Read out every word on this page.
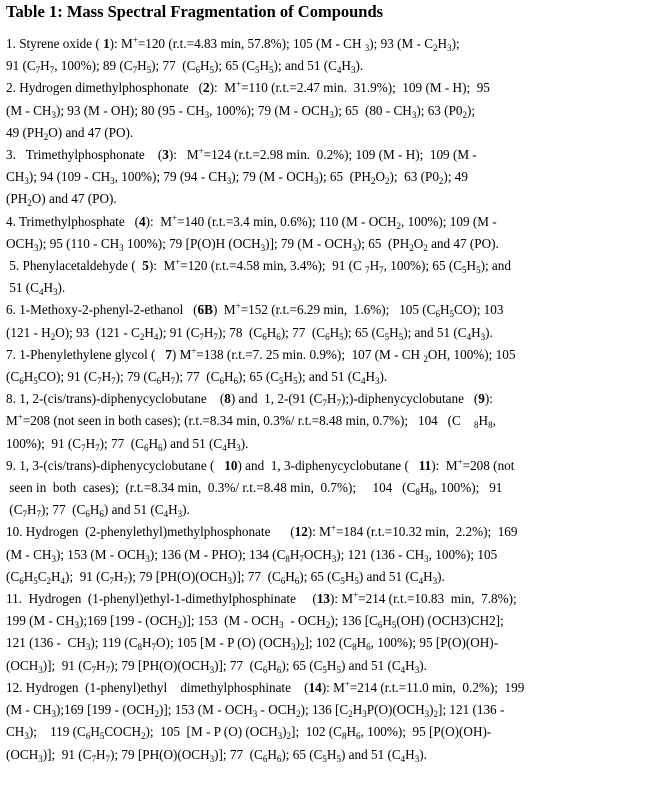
Table 1: Mass Spectral Fragmentation of Compounds

1. Styrene oxide ( 1): M+=120 (r.t.=4.83 min, 57.8%); 105 (M - CH $_3$); 93 $(M - C_2H_3)$;
91 ($C_7H_7$, 100%); 89 $(C_7H_5)$; 77  $(C_6H_5)$; 65 $(C_5H_5)$; and 51 $(C_4H_3)$.

2. Hydrogen dimethylphosphonate   (2):  M+=110 (r.t.=2.47 min.  31.9%);  109 (M - H);  95
$(M - CH_3)$; 93 (M - OH); 80 ($95 - CH_3$, 100%); 79 $(M - OCH_3)$; 65  $(80 - CH_3)$; 63 $(P0_2)$;
49 $(PH_2O)$ and 47 (PO).

3.   Trimethylphosphonate    (3):   M+=124 (r.t.=2.98 min.  0.2%); 109 (M - H);  109 (M -
$CH_3$); 94 ($109 - CH_3$, 100%); 79 $(94 - CH_3)$; 79 $(M - OCH_3)$; 65  $(PH_2O_2)$;  63 $(P0_2)$; 49
$(PH_2O)$ and 47 (PO).

4. Trimethylphosphate   (4):  M+=140 (r.t.=3.4 min, 0.6%); 110 ($M - OCH_2$, 100%); 109 (M -
$OCH_3$); 95 ($110 - CH_3$ 100%); 79 [P(O)H $(OCH_3)$]; 79 $(M - OCH_3)$; 65  ($PH_2O_2$ and 47 (PO).

5. Phenylacetaldehyde (  5):  M+=120 (r.t.=4.58 min, 3.4%);  91 (C $_7H_7$, 100%); 65 $(C_5H_5)$; and
51 $(C_4H_3)$.

6. 1-Methoxy-2-phenyl-2-ethanol   (6B)  M+=152 (r.t.=6.29 min,  1.6%);   105 $(C_6H_5CO)$; 103
$(121 - H_2O)$; 93  $(121 - C_2H_4)$; 91 $(C_7H_7)$; 78  $(C_6H_6)$; 77  $(C_6H_5)$; 65 $(C_5H_5)$; and 51 $(C_4H_3)$.

7. 1-Phenylethylene glycol (   7) M+=138 (r.t.=7. 25 min. 0.9%);  107 (M - CH $_2$OH, 100%); 105
$(C_6H_5CO)$; 91 $(C_7H_7)$; 79 $(C_6H_7)$; 77  $(C_6H_6)$; 65 $(C_5H_5)$; and 51 $(C_4H_3)$.

8. 1, 2-(cis/trans)-diphenycyclobutane    (8) and  1, 2-(91 $(C_7H_7)$;)-diphenycyclobutane   (9):
M+=208 (not seen in both cases); (r.t.=8.34 min, 0.3%/ r.t.=8.48 min, 0.7%);   104   (C    $_8H_8$,
100%);  91 $(C_7H_7)$; 77  $(C_6H_6)$ and 51 $(C_4H_3)$.

9. 1, 3-(cis/trans)-diphenycyclobutane (   10) and  1, 3-diphenycyclobutane (   11):  M+=208 (not
seen in  both  cases);  (r.t.=8.34 min,  0.3%/ r.t.=8.48 min,  0.7%);     104   ($C_8H_8$, 100%);   91
$(C_7H_7)$; 77  $(C_6H_6)$ and 51 $(C_4H_3)$.

10. Hydrogen  (2-phenylethyl)methylphosphonate      (12): M+=184 (r.t.=10.32 min,  2.2%);  169
$(M - CH_3)$; 153 $(M - OCH_3)$; 136 (M - PHO); 134 $(C_8H_7OCH_3)$; 121 ($136 - CH_3$, 100%); 105
$(C_6H_5C_2H_4)$;  91 $(C_7H_7)$; 79 $[PH(O)(OCH_3)]$; 77  $(C_6H_6)$; 65 $(C_5H_5)$ and 51 $(C_4H_3)$.

11.  Hydrogen  (1-phenyl)ethyl-1-dimethylphosphinate     (13): M+=214 (r.t.=10.83  min,  7.8%);
199 $(M - CH_3);169$ $[199 - (OCH_2)]$; 153  $(M - OCH_3 - OCH_2)$; 136 [$C_6H_5(OH)$ (OCH3)CH2];
121 $(136 - CH_3)$; 119 $(C_8H_7O)$; 105 [M - P (O) $(OCH_3)_2$]; 102 ($C_8H_6$, 100%); 95 [P(O)(OH)-
$(OCH_3)$];  91 $(C_7H_7)$; 79 $[PH(O)(OCH_3)]$; 77  $(C_6H_6)$; 65 $(C_5H_5)$ and 51 $(C_4H_3)$.

12. Hydrogen  (1-phenyl)ethyl    dimethylphosphinate    (14): M+=214 (r.t.=11.0 min,  0.2%);  199
$(M - CH_3);169$ $[199 - (OCH_2)]$; 153 $(M - OCH_3 - OCH_2)$; 136 $[C_2H_3P(O)(OCH_3)_2]$; 121 (136 -
$CH_3$);    119 $(C_6H_5COCH_2)$;  105  [M - P (O) $(OCH_3)_2$];  102 ($C_8H_6$, 100%);  95 [P(O)(OH)-
$(OCH_3)$];  91 $(C_7H_7)$; 79 $[PH(O)(OCH_3)]$; 77  $(C_6H_6)$; 65 $(C_5H_5)$ and 51 $(C_4H_3)$.
